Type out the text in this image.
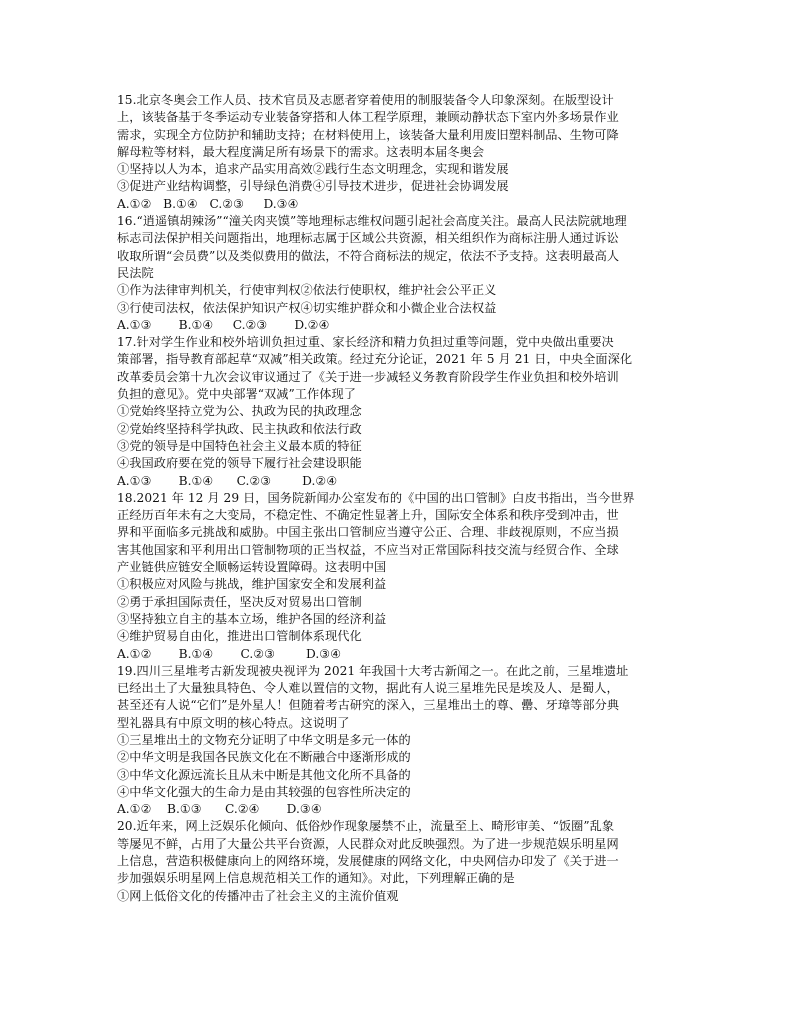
15.北京冬奥会工作人员、技术官员及志愿者穿着使用的制服装备令人印象深刻。在版型设计
上，该装备基于冬季运动专业装备穿搭和人体工程学原理，兼顾动静状态下室内外多场景作业
需求，实现全方位防护和辅助支持；在材料使用上，该装备大量利用废旧塑料制品、生物可降
解母粒等材料，最大程度满足所有场景下的需求。这表明本届冬奥会
①坚持以人为本，追求产品实用高效②践行生态文明理念，实现和谐发展
③促进产业结构调整，引导绿色消费④引导技术进步，促进社会协调发展
A.①②   B.①④   C.②③     D.③④
16.“逍遥镇胡辣汤”“潼关肉夹馍”等地理标志维权问题引起社会高度关注。最高人民法院就地理
标志司法保护相关问题指出，地理标志属于区域公共资源，相关组织作为商标注册人通过诉讼
收取所谓“会员费”以及类似费用的做法，不符合商标法的规定，依法不予支持。这表明最高人
民法院
①作为法律审判机关，行使审判权②依法行使职权，维护社会公平正义
③行使司法权，依法保护知识产权④切实维护群众和小微企业合法权益
A.①③       B.①④     C.②③       D.②④
17.针对学生作业和校外培训负担过重、家长经济和精力负担过重等问题，党中央做出重要决
策部署，指导教育部起草“双减”相关政策。经过充分论证，2021 年 5 月 21 日，中央全面深化
改革委员会第十九次会议审议通过了《关于进一步减轻义务教育阶段学生作业负担和校外培训
负担的意见》。党中央部署“双减”工作体现了
①党始终坚持立党为公、执政为民的执政理念
②党始终坚持科学执政、民主执政和依法行政
③党的领导是中国特色社会主义最本质的特征
④我国政府要在党的领导下履行社会建设职能
A.①③       B.①④      C.②③        D.②④
18.2021 年 12 月 29 日，国务院新闻办公室发布的《中国的出口管制》白皮书指出，当今世界
正经历百年未有之大变局，不稳定性、不确定性显著上升，国际安全体系和秩序受到冲击，世
界和平面临多元挑战和威胁。中国主张出口管制应当遵守公正、合理、非歧视原则，不应当损
害其他国家和平利用出口管制物项的正当权益，不应当对正常国际科技交流与经贸合作、全球
产业链供应链安全顺畅运转设置障碍。这表明中国
①积极应对风险与挑战，维护国家安全和发展利益
②勇于承担国际责任，坚决反对贸易出口管制
③坚持独立自主的基本立场，维护各国的经济利益
④维护贸易自由化，推进出口管制体系现代化
A.①②       B.①④       C.②③        D.③④
19.四川三星堆考古新发现被央视评为 2021 年我国十大考古新闻之一。在此之前，三星堆遗址
已经出土了大量独具特色、令人难以置信的文物，据此有人说三星堆先民是埃及人、是蜀人，
甚至还有人说“它们”是外星人！但随着考古研究的深入，三星堆出土的尊、罍、牙璋等部分典
型礼器具有中原文明的核心特点。这说明了
①三星堆出土的文物充分证明了中华文明是多元一体的
②中华文明是我国各民族文化在不断融合中逐渐形成的
③中华文化源远流长且从未中断是其他文化所不具备的
④中华文化强大的生命力是由其较强的包容性所决定的
A.①②    B.①③      C.②④       D.③④
20.近年来，网上泛娱乐化倾向、低俗炒作现象屡禁不止，流量至上、畸形审美、“饭圈”乱象
等屡见不鲜，占用了大量公共平台资源，人民群众对此反映强烈。为了进一步规范娱乐明星网
上信息，营造积极健康向上的网络环境，发展健康的网络文化，中央网信办印发了《关于进一
步加强娱乐明星网上信息规范相关工作的通知》。对此，下列理解正确的是
①网上低俗文化的传播冲击了社会主义的主流价值观
